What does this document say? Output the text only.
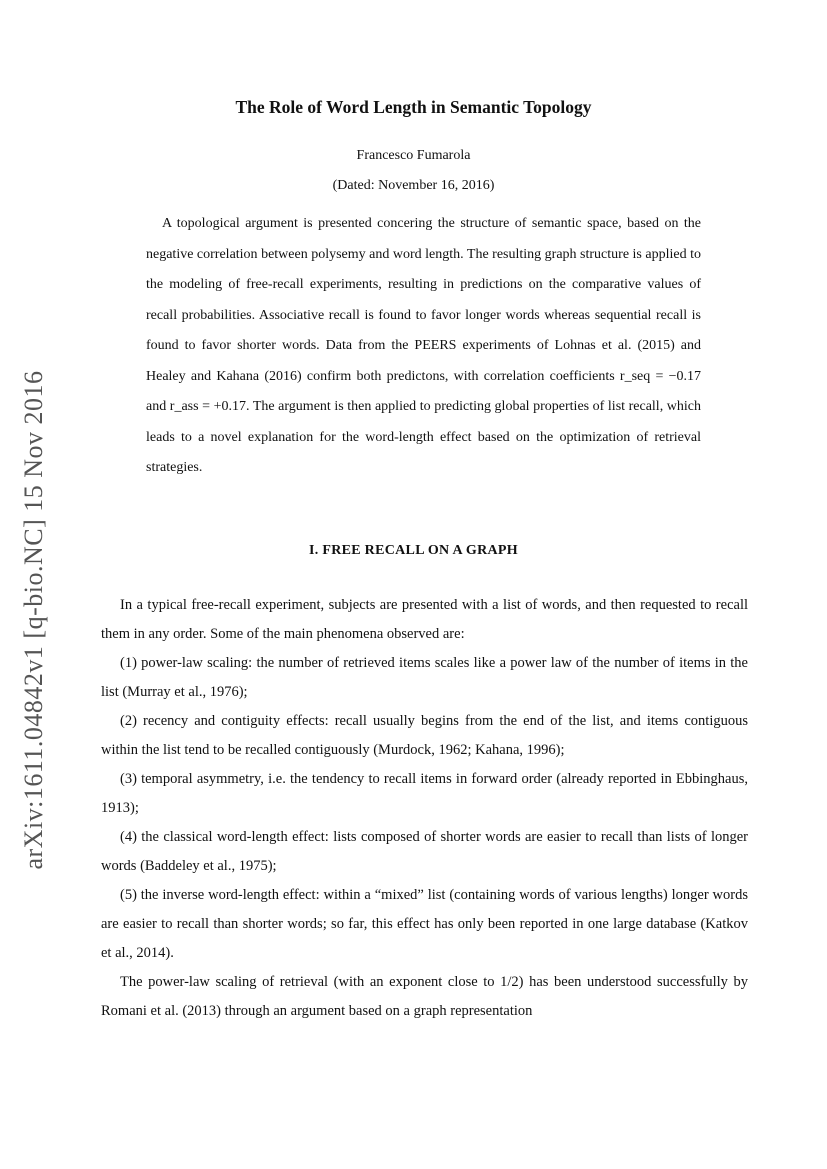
arXiv:1611.04842v1 [q-bio.NC] 15 Nov 2016
The Role of Word Length in Semantic Topology
Francesco Fumarola
(Dated: November 16, 2016)

A topological argument is presented concering the structure of semantic space, based on the negative correlation between polysemy and word length. The resulting graph structure is applied to the modeling of free-recall experiments, resulting in predictions on the comparative values of recall probabilities. Associative recall is found to favor longer words whereas sequential recall is found to favor shorter words. Data from the PEERS experiments of Lohnas et al. (2015) and Healey and Kahana (2016) confirm both predictons, with correlation coefficients r_seq = −0.17 and r_ass = +0.17. The argument is then applied to predicting global properties of list recall, which leads to a novel explanation for the word-length effect based on the optimization of retrieval strategies.

I. FREE RECALL ON A GRAPH

In a typical free-recall experiment, subjects are presented with a list of words, and then requested to recall them in any order. Some of the main phenomena observed are:

(1) power-law scaling: the number of retrieved items scales like a power law of the number of items in the list (Murray et al., 1976);

(2) recency and contiguity effects: recall usually begins from the end of the list, and items contiguous within the list tend to be recalled contiguously (Murdock, 1962; Kahana, 1996);

(3) temporal asymmetry, i.e. the tendency to recall items in forward order (already reported in Ebbinghaus, 1913);

(4) the classical word-length effect: lists composed of shorter words are easier to recall than lists of longer words (Baddeley et al., 1975);

(5) the inverse word-length effect: within a “mixed” list (containing words of various lengths) longer words are easier to recall than shorter words; so far, this effect has only been reported in one large database (Katkov et al., 2014).

The power-law scaling of retrieval (with an exponent close to 1/2) has been understood successfully by Romani et al. (2013) through an argument based on a graph representation
